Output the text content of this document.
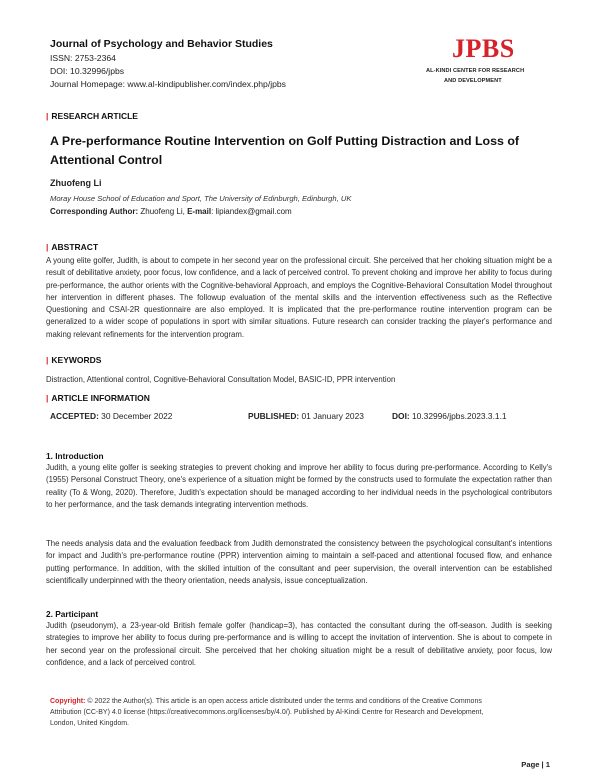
Journal of Psychology and Behavior Studies
ISSN: 2753-2364
DOI: 10.32996/jpbs
Journal Homepage: www.al-kindipublisher.com/index.php/jpbs
JPBS
AL-KINDI CENTER FOR RESEARCH
AND DEVELOPMENT
| RESEARCH ARTICLE
A Pre-performance Routine Intervention on Golf Putting Distraction and Loss of Attentional Control
Zhuofeng Li
Moray House School of Education and Sport, The University of Edinburgh, Edinburgh, UK
Corresponding Author: Zhuofeng Li, E-mail: lipiandex@gmail.com
| ABSTRACT
A young elite golfer, Judith, is about to compete in her second year on the professional circuit. She perceived that her choking situation might be a result of debilitative anxiety, poor focus, low confidence, and a lack of perceived control. To prevent choking and improve her ability to focus during pre-performance, the author orients with the Cognitive-behavioral Approach, and employs the Cognitive-Behavioral Consultation Model throughout her intervention in different phases. The followup evaluation of the mental skills and the intervention effectiveness such as the Reflective Questioning and CSAI-2R questionnaire are also employed. It is implicated that the pre-performance routine intervention program can be generalized to a wider scope of populations in sport with similar situations. Future research can consider tracking the player's performance and making relevant refinements for the intervention program.
| KEYWORDS
Distraction, Attentional control, Cognitive-Behavioral Consultation Model, BASIC-ID, PPR intervention
| ARTICLE INFORMATION
ACCEPTED: 30 December 2022	PUBLISHED: 01 January 2023	DOI: 10.32996/jpbs.2023.3.1.1
1. Introduction
Judith, a young elite golfer is seeking strategies to prevent choking and improve her ability to focus during pre-performance. According to Kelly's (1955) Personal Construct Theory, one's experience of a situation might be formed by the constructs used to formulate the expectation rather than reality (To & Wong, 2020). Therefore, Judith's expectation should be managed according to her individual needs in the psychological contributors to her performance, and the task demands integrating intervention methods.
The needs analysis data and the evaluation feedback from Judith demonstrated the consistency between the psychological consultant's intentions for impact and Judith's pre-performance routine (PPR) intervention aiming to maintain a self-paced and attentional focused flow, and enhance putting performance. In addition, with the skilled intuition of the consultant and peer supervision, the overall intervention can be established scientifically underpinned with the theory orientation, needs analysis, issue conceptualization.
2. Participant
Judith (pseudonym), a 23-year-old British female golfer (handicap=3), has contacted the consultant during the off-season. Judith is seeking strategies to improve her ability to focus during pre-performance and is willing to accept the invitation of intervention. She is about to compete in her second year on the professional circuit. She perceived that her choking situation might be a result of debilitative anxiety, poor focus, low confidence, and a lack of perceived control.
Copyright: © 2022 the Author(s). This article is an open access article distributed under the terms and conditions of the Creative Commons Attribution (CC-BY) 4.0 license (https://creativecommons.org/licenses/by/4.0/). Published by Al-Kindi Centre for Research and Development, London, United Kingdom.
Page | 1
